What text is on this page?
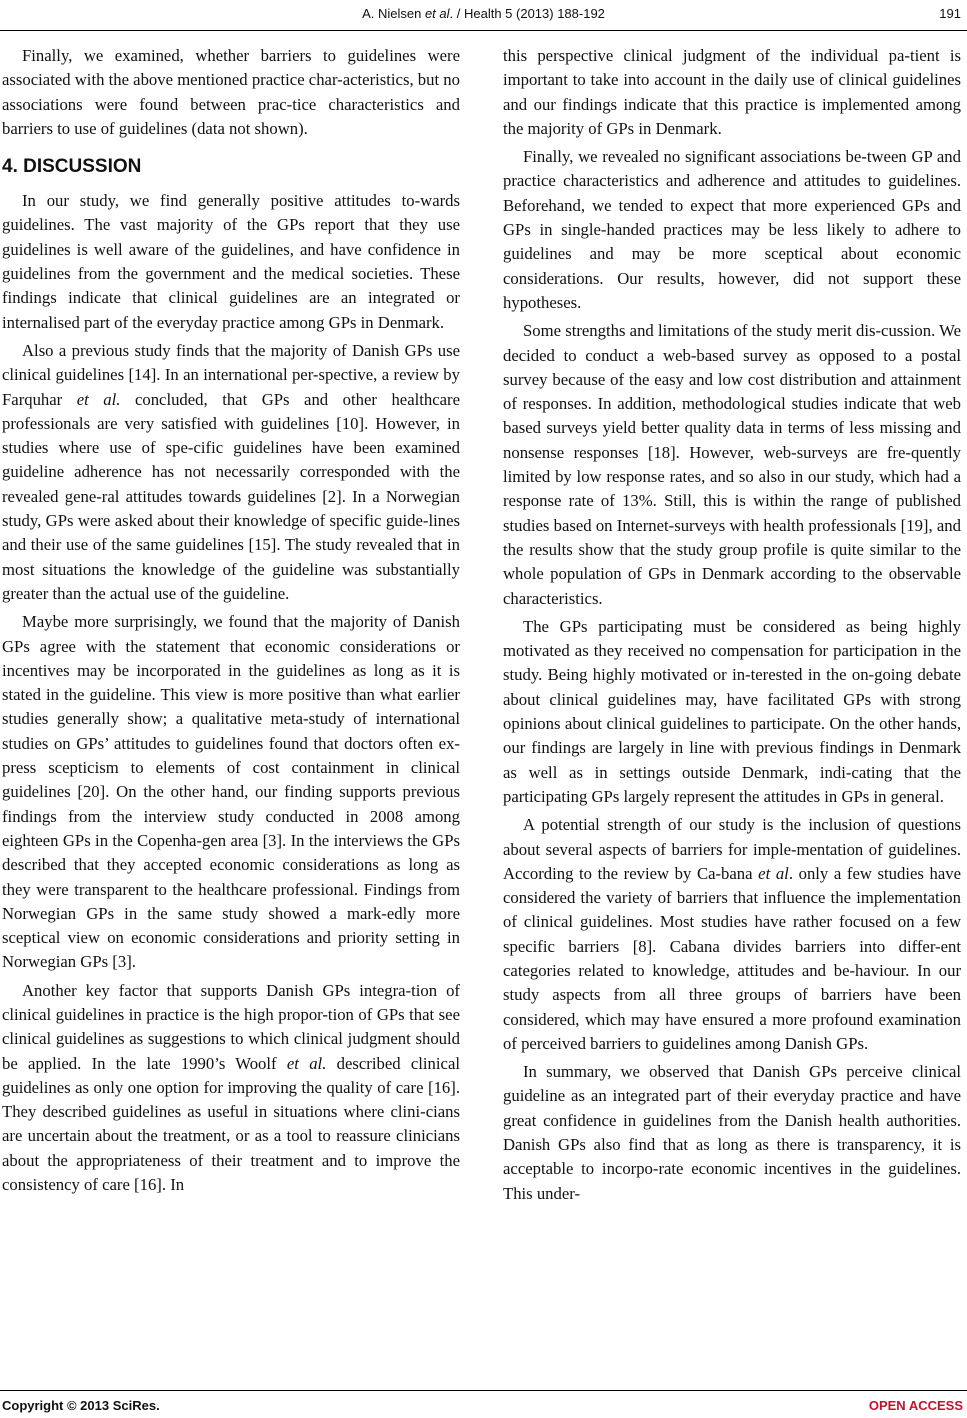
A. Nielsen et al. / Health 5 (2013) 188-192	191

Finally, we examined, whether barriers to guidelines were associated with the above mentioned practice char-acteristics, but no associations were found between prac-tice characteristics and barriers to use of guidelines (data not shown).

4. DISCUSSION

In our study, we find generally positive attitudes to-wards guidelines. The vast majority of the GPs report that they use guidelines is well aware of the guidelines, and have confidence in guidelines from the government and the medical societies. These findings indicate that clinical guidelines are an integrated or internalised part of the everyday practice among GPs in Denmark.

Also a previous study finds that the majority of Danish GPs use clinical guidelines [14]. In an international per-spective, a review by Farquhar et al. concluded, that GPs and other healthcare professionals are very satisfied with guidelines [10]. However, in studies where use of spe-cific guidelines have been examined guideline adherence has not necessarily corresponded with the revealed gene-ral attitudes towards guidelines [2]. In a Norwegian study, GPs were asked about their knowledge of specific guide-lines and their use of the same guidelines [15]. The study revealed that in most situations the knowledge of the guideline was substantially greater than the actual use of the guideline.

Maybe more surprisingly, we found that the majority of Danish GPs agree with the statement that economic considerations or incentives may be incorporated in the guidelines as long as it is stated in the guideline. This view is more positive than what earlier studies generally show; a qualitative meta-study of international studies on GPs’ attitudes to guidelines found that doctors often ex-press scepticism to elements of cost containment in clinical guidelines [20]. On the other hand, our finding supports previous findings from the interview study conducted in 2008 among eighteen GPs in the Copenha-gen area [3]. In the interviews the GPs described that they accepted economic considerations as long as they were transparent to the healthcare professional. Findings from Norwegian GPs in the same study showed a mark-edly more sceptical view on economic considerations and priority setting in Norwegian GPs [3].

Another key factor that supports Danish GPs integra-tion of clinical guidelines in practice is the high propor-tion of GPs that see clinical guidelines as suggestions to which clinical judgment should be applied. In the late 1990’s Woolf et al. described clinical guidelines as only one option for improving the quality of care [16]. They described guidelines as useful in situations where clini-cians are uncertain about the treatment, or as a tool to reassure clinicians about the appropriateness of their treatment and to improve the consistency of care [16]. In

this perspective clinical judgment of the individual pa-tient is important to take into account in the daily use of clinical guidelines and our findings indicate that this practice is implemented among the majority of GPs in Denmark.

Finally, we revealed no significant associations be-tween GP and practice characteristics and adherence and attitudes to guidelines. Beforehand, we tended to expect that more experienced GPs and GPs in single-handed practices may be less likely to adhere to guidelines and may be more sceptical about economic considerations. Our results, however, did not support these hypotheses.

Some strengths and limitations of the study merit dis-cussion. We decided to conduct a web-based survey as opposed to a postal survey because of the easy and low cost distribution and attainment of responses. In addition, methodological studies indicate that web based surveys yield better quality data in terms of less missing and nonsense responses [18]. However, web-surveys are fre-quently limited by low response rates, and so also in our study, which had a response rate of 13%. Still, this is within the range of published studies based on Internet-surveys with health professionals [19], and the results show that the study group profile is quite similar to the whole population of GPs in Denmark according to the observable characteristics.

The GPs participating must be considered as being highly motivated as they received no compensation for participation in the study. Being highly motivated or in-terested in the on-going debate about clinical guidelines may, have facilitated GPs with strong opinions about clinical guidelines to participate. On the other hands, our findings are largely in line with previous findings in Denmark as well as in settings outside Denmark, indi-cating that the participating GPs largely represent the attitudes in GPs in general.

A potential strength of our study is the inclusion of questions about several aspects of barriers for imple-mentation of guidelines. According to the review by Ca-bana et al. only a few studies have considered the variety of barriers that influence the implementation of clinical guidelines. Most studies have rather focused on a few specific barriers [8]. Cabana divides barriers into differ-ent categories related to knowledge, attitudes and be-haviour. In our study aspects from all three groups of barriers have been considered, which may have ensured a more profound examination of perceived barriers to guidelines among Danish GPs.

In summary, we observed that Danish GPs perceive clinical guideline as an integrated part of their everyday practice and have great confidence in guidelines from the Danish health authorities. Danish GPs also find that as long as there is transparency, it is acceptable to incorpo-rate economic incentives in the guidelines. This under-

Copyright © 2013 SciRes.	OPEN ACCESS
